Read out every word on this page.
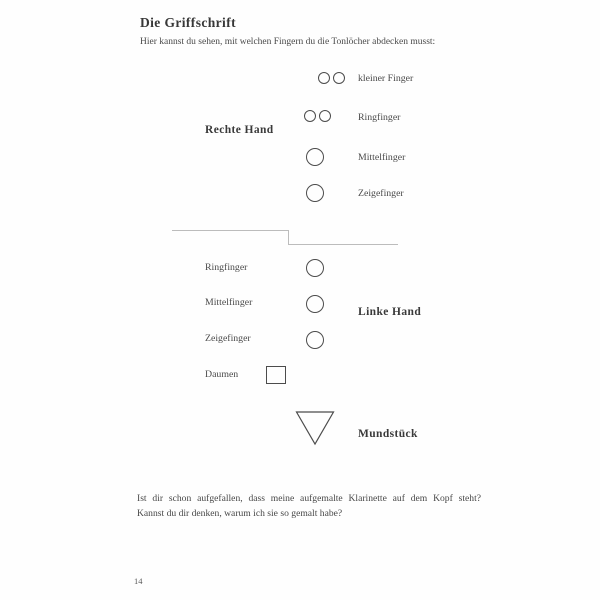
Die Griffschrift
Hier kannst du sehen, mit welchen Fingern du die Tonlöcher abdecken musst:
Rechte Hand
kleiner Finger
Ringfinger
Mittelfinger
Zeigefinger
Ringfinger
Mittelfinger
Linke Hand
Zeigefinger
Daumen
Mundstück
Ist dir schon aufgefallen, dass meine aufgemalte Klarinette auf dem Kopf steht?
Kannst du dir denken, warum ich sie so gemalt habe?
14
